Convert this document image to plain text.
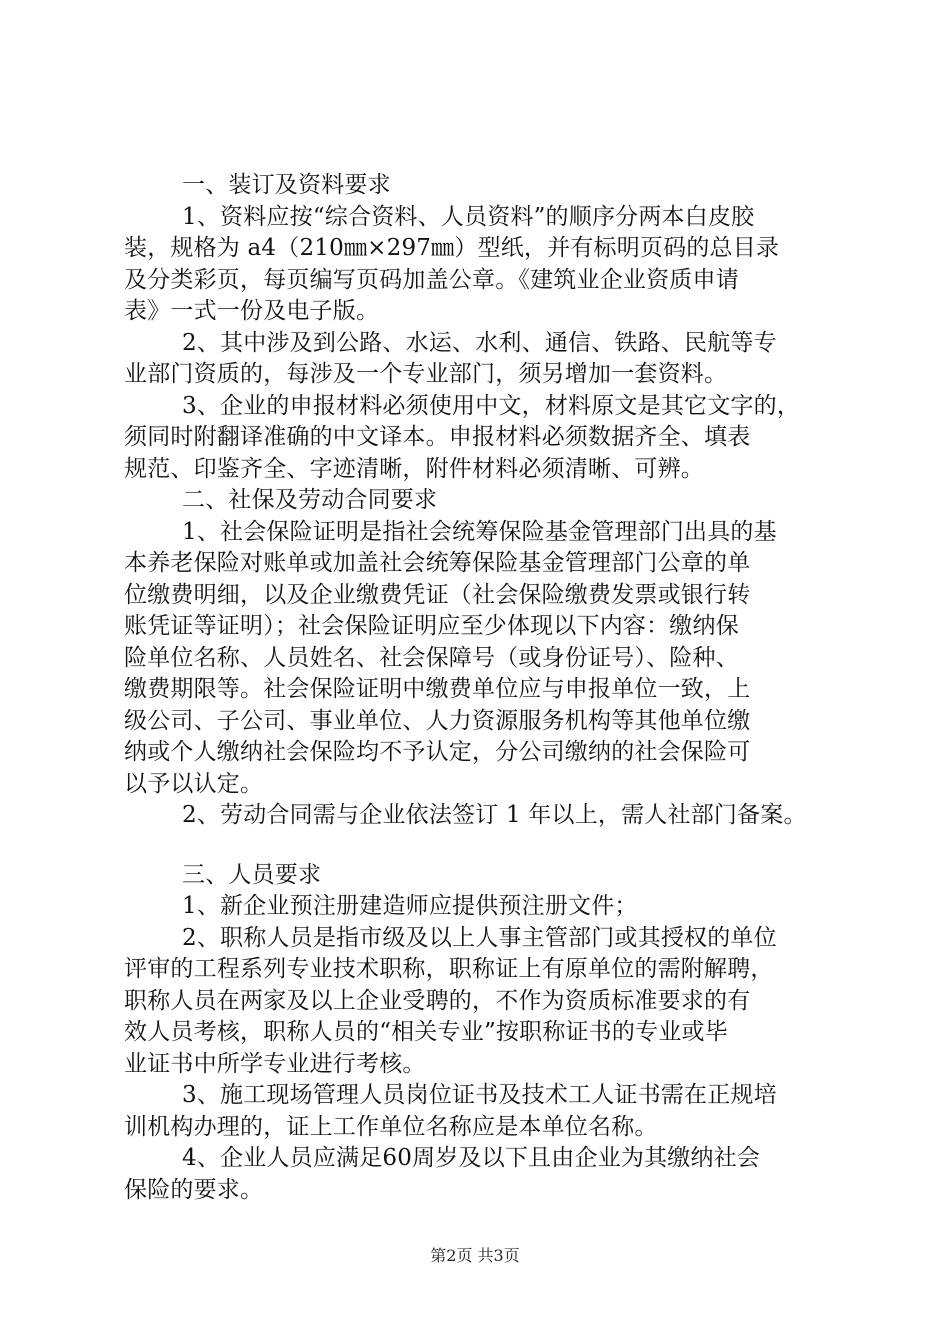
一、装订及资料要求
1、资料应按“综合资料、人员资料”的顺序分两本白皮胶
装，规格为 a4（210㎜×297㎜）型纸，并有标明页码的总目录
及分类彩页，每页编写页码加盖公章。《建筑业企业资质申请
表》一式一份及电子版。
2、其中涉及到公路、水运、水利、通信、铁路、民航等专
业部门资质的，每涉及一个专业部门，须另增加一套资料。
3、企业的申报材料必须使用中文，材料原文是其它文字的，
须同时附翻译准确的中文译本。申报材料必须数据齐全、填表
规范、印鉴齐全、字迹清晰，附件材料必须清晰、可辨。
二、社保及劳动合同要求
1、社会保险证明是指社会统筹保险基金管理部门出具的基
本养老保险对账单或加盖社会统筹保险基金管理部门公章的单
位缴费明细，以及企业缴费凭证（社会保险缴费发票或银行转
账凭证等证明）；社会保险证明应至少体现以下内容：缴纳保
险单位名称、人员姓名、社会保障号（或身份证号）、险种、
缴费期限等。社会保险证明中缴费单位应与申报单位一致，上
级公司、子公司、事业单位、人力资源服务机构等其他单位缴
纳或个人缴纳社会保险均不予认定，分公司缴纳的社会保险可
以予以认定。
2、劳动合同需与企业依法签订 1 年以上，需人社部门备案。
三、人员要求
1、新企业预注册建造师应提供预注册文件；
2、职称人员是指市级及以上人事主管部门或其授权的单位
评审的工程系列专业技术职称，职称证上有原单位的需附解聘，
职称人员在两家及以上企业受聘的，不作为资质标准要求的有
效人员考核，职称人员的“相关专业”按职称证书的专业或毕
业证书中所学专业进行考核。
3、施工现场管理人员岗位证书及技术工人证书需在正规培
训机构办理的，证上工作单位名称应是本单位名称。
4、企业人员应满足60周岁及以下且由企业为其缴纳社会
保险的要求。
第2页 共3页
